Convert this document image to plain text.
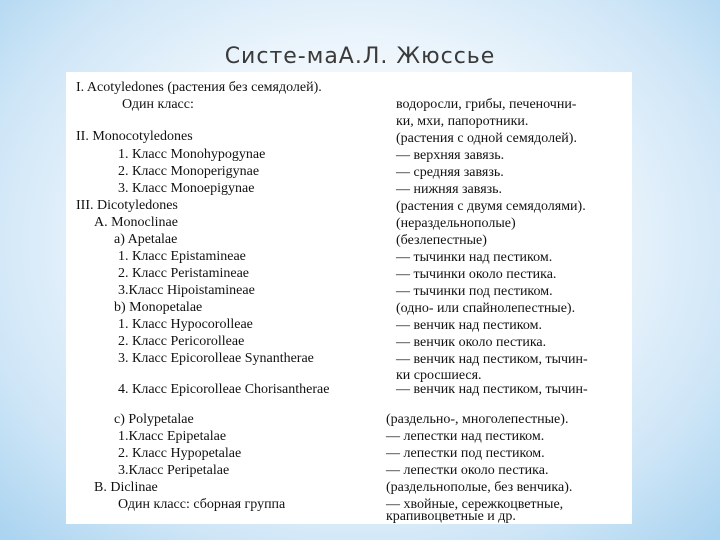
Систе-маА.Л. Жюссье
I. Acotyledones (растения без семядолей).
Один класс:
II. Monocotyledones
1. Класс Monohypogynae
2. Класс Monoperigynae
3. Класс Monoepigynae
III. Dicotyledones
A. Monoclinae
a) Apetalae
1. Класс Epistamineae
2. Класс Peristamineae
3.Класс Hipoistamineae
b) Monopetalae
1. Класс Hypocorolleae
2. Класс Pericorolleae
3. Класс Epicorolleae Synantherae
4. Класс Epicorolleae Chorisantherae
c) Polypetalae
1.Класс Epipetalae
2. Класс Hypopetalae
3.Класс Peripetalae
B. Diclinae
Один класс: сборная группа
водоросли, грибы, печеночни-
ки, мхи, папоротники.
(растения с одной семядолей).
— верхняя завязь.
— средняя завязь.
— нижняя завязь.
(растения с двумя семядолями).
(нераздельнополые)
(безлепестные)
— тычинки над пестиком.
— тычинки около пестика.
— тычинки под пестиком.
(одно- или спайнолепестные).
— венчик над пестиком.
— венчик около пестика.
— венчик над пестиком, тычин-
ки сросшиеся.
— венчик над пестиком, тычин-
(раздельно-, многолепестные).
— лепестки над пестиком.
— лепестки под пестиком.
— лепестки около пестика.
(раздельнополые, без венчика).
— хвойные, сережкоцветные,
крапивоцветные и др.
